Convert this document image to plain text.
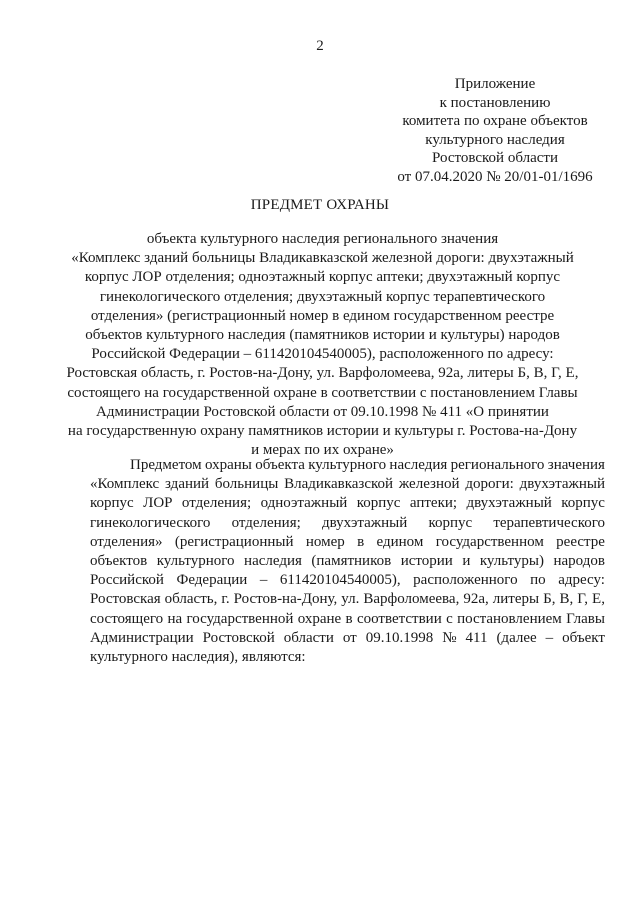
2
Приложение
к постановлению
комитета по охране объектов
культурного наследия
Ростовской области
от 07.04.2020 № 20/01-01/1696
ПРЕДМЕТ ОХРАНЫ
объекта культурного наследия регионального значения
«Комплекс зданий больницы Владикавказской железной дороги: двухэтажный
корпус ЛОР отделения; одноэтажный корпус аптеки; двухэтажный корпус
гинекологического отделения; двухэтажный корпус терапевтического
отделения» (регистрационный номер в едином государственном реестре
объектов культурного наследия (памятников истории и культуры) народов
Российской Федерации – 611420104540005), расположенного по адресу:
Ростовская область, г. Ростов-на-Дону, ул. Варфоломеева, 92а, литеры Б, В, Г, Е,
состоящего на государственной охране в соответствии с постановлением Главы
Администрации Ростовской области от 09.10.1998 № 411 «О принятии
на государственную охрану памятников истории и культуры г. Ростова-на-Дону
и мерах по их охране»
Предметом охраны объекта культурного наследия регионального значения
«Комплекс зданий больницы Владикавказской железной дороги: двухэтажный
корпус ЛОР отделения; одноэтажный корпус аптеки; двухэтажный корпус
гинекологического отделения; двухэтажный корпус терапевтического
отделения» (регистрационный номер в едином государственном реестре
объектов культурного наследия (памятников истории и культуры) народов
Российской Федерации – 611420104540005), расположенного по адресу:
Ростовская область, г. Ростов-на-Дону, ул. Варфоломеева, 92а, литеры Б, В, Г, Е,
состоящего на государственной охране в соответствии с постановлением Главы
Администрации Ростовской области от 09.10.1998 № 411 (далее – объект
культурного наследия), являются:
